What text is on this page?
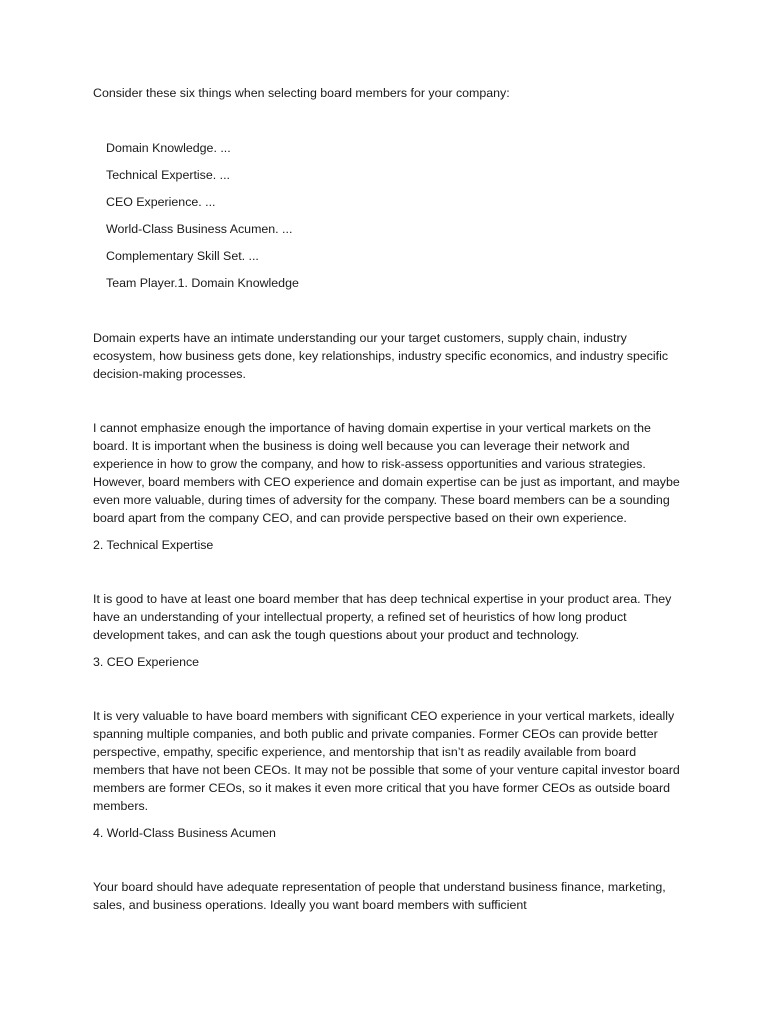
Consider these six things when selecting board members for your company:

Domain Knowledge. ...
Technical Expertise. ...
CEO Experience. ...
World-Class Business Acumen. ...
Complementary Skill Set. ...
Team Player.1. Domain Knowledge

Domain experts have an intimate understanding our your target customers, supply chain, industry ecosystem, how business gets done, key relationships, industry specific economics, and industry specific decision-making processes.

I cannot emphasize enough the importance of having domain expertise in your vertical markets on the board. It is important when the business is doing well because you can leverage their network and experience in how to grow the company, and how to risk-assess opportunities and various strategies. However, board members with CEO experience and domain expertise can be just as important, and maybe even more valuable, during times of adversity for the company. These board members can be a sounding board apart from the company CEO, and can provide perspective based on their own experience.

2. Technical Expertise

It is good to have at least one board member that has deep technical expertise in your product area. They have an understanding of your intellectual property, a refined set of heuristics of how long product development takes, and can ask the tough questions about your product and technology.

3. CEO Experience

It is very valuable to have board members with significant CEO experience in your vertical markets, ideally spanning multiple companies, and both public and private companies. Former CEOs can provide better perspective, empathy, specific experience, and mentorship that isn’t as readily available from board members that have not been CEOs. It may not be possible that some of your venture capital investor board members are former CEOs, so it makes it even more critical that you have former CEOs as outside board members.

4. World-Class Business Acumen

Your board should have adequate representation of people that understand business finance, marketing, sales, and business operations. Ideally you want board members with sufficient
